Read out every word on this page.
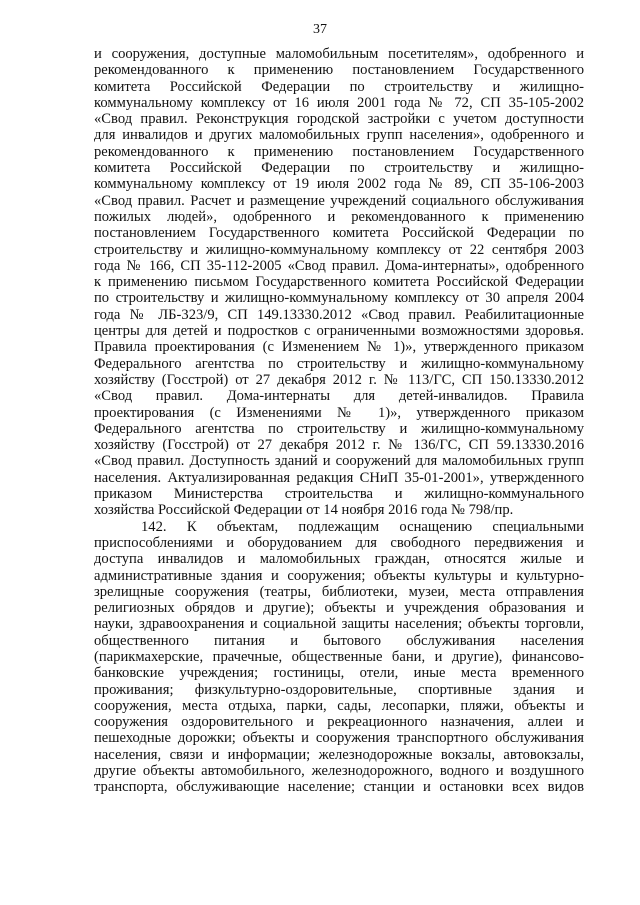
37
и сооружения, доступные маломобильным посетителям», одобренного и
рекомендованного к применению постановлением Государственного
комитета Российской Федерации по строительству и жилищно-
коммунальному комплексу от 16 июля 2001 года № 72, СП 35-105-2002
«Свод правил. Реконструкция городской застройки с учетом доступности
для инвалидов и других маломобильных групп населения», одобренного и
рекомендованного к применению постановлением Государственного
комитета Российской Федерации по строительству и жилищно-
коммунальному комплексу от 19 июля 2002 года № 89, СП 35-106-2003
«Свод правил. Расчет и размещение учреждений социального обслуживания
пожилых людей», одобренного и рекомендованного к применению
постановлением Государственного комитета Российской Федерации по
строительству и жилищно-коммунальному комплексу от 22 сентября 2003
года № 166, СП 35-112-2005 «Свод правил. Дома-интернаты», одобренного
к применению письмом Государственного комитета Российской Федерации
по строительству и жилищно-коммунальному комплексу от 30 апреля 2004
года № ЛБ-323/9, СП 149.13330.2012 «Свод правил. Реабилитационные
центры для детей и подростков с ограниченными возможностями здоровья.
Правила проектирования (с Изменением № 1)», утвержденного приказом
Федерального агентства по строительству и жилищно-коммунальному
хозяйству (Госстрой) от 27 декабря 2012 г. № 113/ГС, СП 150.13330.2012
«Свод правил. Дома-интернаты для детей-инвалидов. Правила
проектирования (с Изменениями № 1)», утвержденного приказом
Федерального агентства по строительству и жилищно-коммунальному
хозяйству (Госстрой) от 27 декабря 2012 г. № 136/ГС, СП 59.13330.2016
«Свод правил. Доступность зданий и сооружений для маломобильных групп
населения. Актуализированная редакция СНиП 35-01-2001», утвержденного
приказом Министерства строительства и жилищно-коммунального
хозяйства Российской Федерации от 14 ноября 2016 года № 798/пр.
142. К объектам, подлежащим оснащению специальными
приспособлениями и оборудованием для свободного передвижения и
доступа инвалидов и маломобильных граждан, относятся жилые и
административные здания и сооружения; объекты культуры и культурно-
зрелищные сооружения (театры, библиотеки, музеи, места отправления
религиозных обрядов и другие); объекты и учреждения образования и
науки, здравоохранения и социальной защиты населения; объекты торговли,
общественного питания и бытового обслуживания населения
(парикмахерские, прачечные, общественные бани, и другие), финансово-
банковские учреждения; гостиницы, отели, иные места временного
проживания; физкультурно-оздоровительные, спортивные здания и
сооружения, места отдыха, парки, сады, лесопарки, пляжи, объекты и
сооружения оздоровительного и рекреационного назначения, аллеи и
пешеходные дорожки; объекты и сооружения транспортного обслуживания
населения, связи и информации; железнодорожные вокзалы, автовокзалы,
другие объекты автомобильного, железнодорожного, водного и воздушного
транспорта, обслуживающие население; станции и остановки всех видов
